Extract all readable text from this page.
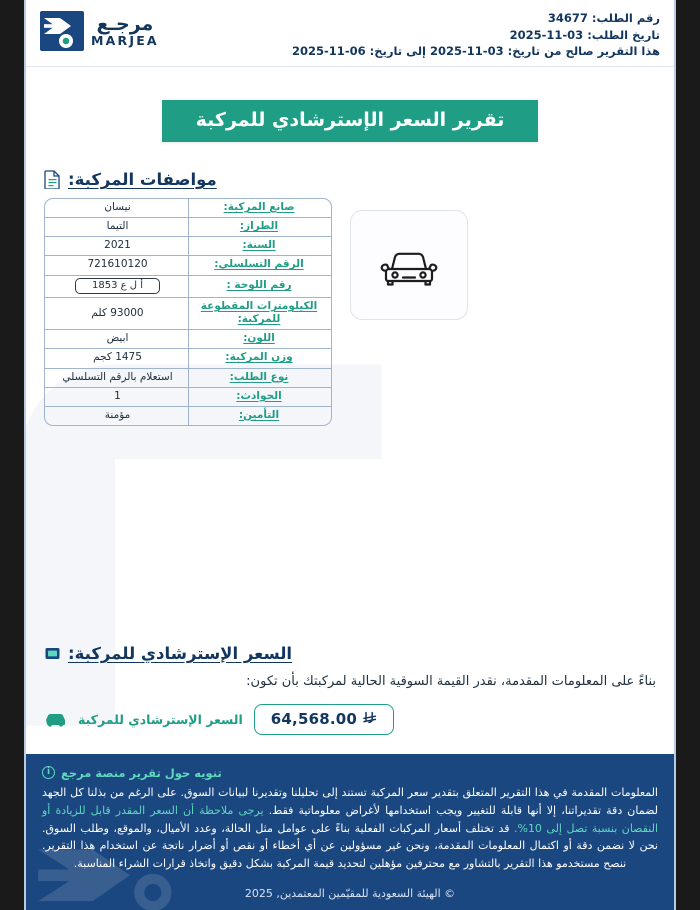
مرجـع
MARJEA
رقم الطلب: 34677
تاريخ الطلب: 03-11-2025
هذا التقرير صالح من تاريخ: 03-11-2025 إلى تاريخ: 06-11-2025
تقرير السعر الإسترشادي للمركبة
مواصفات المركبة:
صانع المركبة:
نيسان
الطراز:
التيما
السنة:
2021
الرقم التسلسلي:
721610120
رقم اللوحة :
أ ل ع 1853
الكيلومترات المقطوعة للمركبة:
93000 كلم
اللون:
ابيض
وزن المركبة:
1475 كجم
نوع الطلب:
استعلام بالرقم التسلسلي
الحوادث:
1
التأمين:
مؤمنة
السعر الإسترشادي للمركبة:
بناءً على المعلومات المقدمة، نقدر القيمة السوقية الحالية لمركبتك بأن تكون:
السعر الإسترشادي للمركبة 64,568.00
i تنويه حول تقرير منصة مرجع
المعلومات المقدمة في هذا التقرير المتعلق بتقدير سعر المركبة تستند إلى تحليلنا وتقديرنا لبيانات السوق. على الرغم من بذلنا كل الجهد لضمان دقة تقديراتنا، إلا أنها قابلة للتغيير ويجب استخدامها لأغراض معلوماتية فقط. يرجى ملاحظة أن السعر المقدر قابل للزيادة أو النقصان بنسبة تصل إلى 10%. قد تختلف أسعار المركبات الفعلية بناءً على عوامل مثل الحالة، وعدد الأميال، والموقع، وطلب السوق. نحن لا نضمن دقة أو اكتمال المعلومات المقدمة، ونحن غير مسؤولين عن أي أخطاء أو نقص أو أضرار ناتجة عن استخدام هذا التقرير. ننصح مستخدمو هذا التقرير بالتشاور مع محترفين مؤهلين لتحديد قيمة المركبة بشكل دقيق واتخاذ قرارات الشراء المناسبة.
© الهيئة السعودية للمقيّمين المعتمدين, 2025
